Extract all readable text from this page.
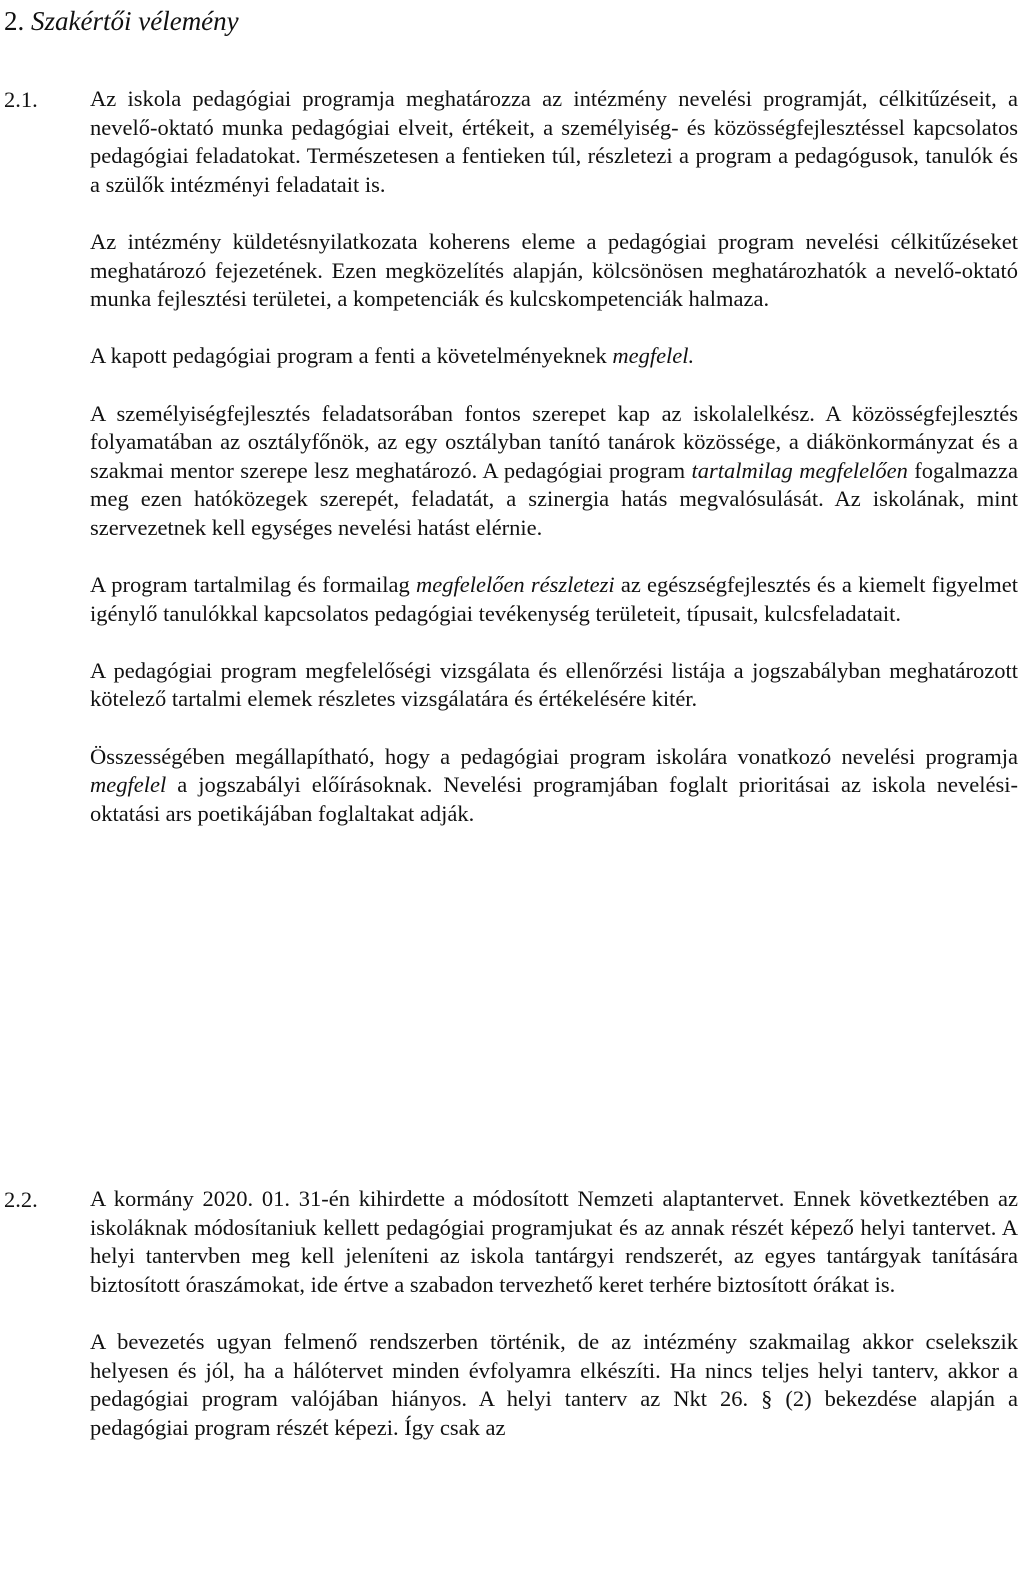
2. Szakértői vélemény
2.1. Az iskola pedagógiai programja meghatározza az intézmény nevelési programját, célkitűzéseit, a nevelő-oktató munka pedagógiai elveit, értékeit, a személyiség- és közösségfejlesztéssel kapcsolatos pedagógiai feladatokat. Természetesen a fentieken túl, részletezi a program a pedagógusok, tanulók és a szülők intézményi feladatait is.

Az intézmény küldetésnyilatkozata koherens eleme a pedagógiai program nevelési célkitűzéseket meghatározó fejezetének. Ezen megközelítés alapján, kölcsönösen meghatározhatók a nevelő-oktató munka fejlesztési területei, a kompetenciák és kulcskompetenciák halmaza.

A kapott pedagógiai program a fenti a követelményeknek megfelel.

A személyiségfejlesztés feladatsorában fontos szerepet kap az iskolalelkész. A közösségfejlesztés folyamatában az osztályfőnök, az egy osztályban tanító tanárok közössége, a diákönkormányzat és a szakmai mentor szerepe lesz meghatározó. A pedagógiai program tartalmilag megfelelően fogalmazza meg ezen hatóközegek szerepét, feladatát, a szinergia hatás megvalósulását. Az iskolának, mint szervezetnek kell egységes nevelési hatást elérnie.

A program tartalmilag és formailag megfelelően részletezi az egészségfejlesztés és a kiemelt figyelmet igénylő tanulókkal kapcsolatos pedagógiai tevékenység területeit, típusait, kulcsfeladatait.

A pedagógiai program megfelelőségi vizsgálata és ellenőrzési listája a jogszabályban meghatározott kötelező tartalmi elemek részletes vizsgálatára és értékelésére kitér.

Összességében megállapítható, hogy a pedagógiai program iskolára vonatkozó nevelési programja megfelel a jogszabályi előírásoknak. Nevelési programjában foglalt prioritásai az iskola nevelési-oktatási ars poetikájában foglaltakat adják.

2.2. A kormány 2020. 01. 31-én kihirdette a módosított Nemzeti alaptantervet. Ennek következtében az iskoláknak módosítaniuk kellett pedagógiai programjukat és az annak részét képező helyi tantervet. A helyi tantervben meg kell jeleníteni az iskola tantárgyi rendszerét, az egyes tantárgyak tanítására biztosított óraszámokat, ide értve a szabadon tervezhető keret terhére biztosított órákat is.

A bevezetés ugyan felmenő rendszerben történik, de az intézmény szakmailag akkor cselekszik helyesen és jól, ha a hálótervet minden évfolyamra elkészíti. Ha nincs teljes helyi tanterv, akkor a pedagógiai program valójában hiányos. A helyi tanterv az Nkt 26. § (2) bekezdése alapján a pedagógiai program részét képezi. Így csak az
